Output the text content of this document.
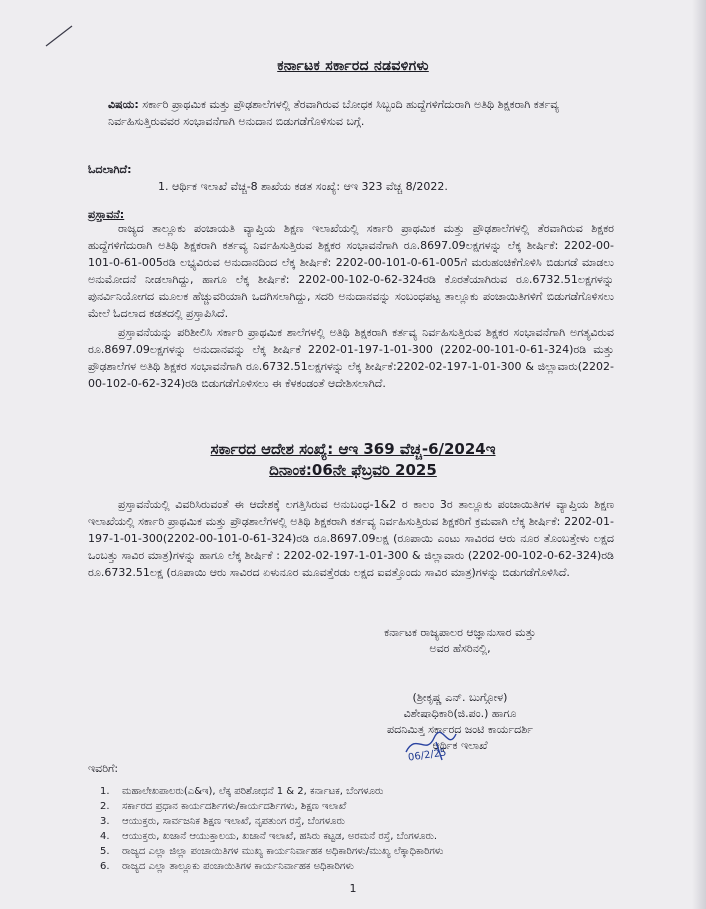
ಕರ್ನಾಟಕ ಸರ್ಕಾರದ ನಡವಳಿಗಳು
ವಿಷಯ: ಸರ್ಕಾರಿ ಪ್ರಾಥಮಿಕ ಮತ್ತು ಪ್ರೌಢಶಾಲೆಗಳಲ್ಲಿ ತೆರವಾಗಿರುವ ಬೋಧಕ ಸಿಬ್ಬಂದಿ ಹುದ್ದೆಗಳಿಗೆದುರಾಗಿ ಅತಿಥಿ ಶಿಕ್ಷಕರಾಗಿ ಕರ್ತವ್ಯ ನಿರ್ವಹಿಸುತ್ತಿರುವವರ ಸಂಭಾವನೆಗಾಗಿ ಅನುದಾನ ಬಿಡುಗಡೆಗೊಳಿಸುವ ಬಗ್ಗೆ.
ಓದಲಾಗಿದೆ:
1. ಆರ್ಥಿಕ ಇಲಾಖೆ ವೆಚ್ಚ-8 ಶಾಖೆಯ ಕಡತ ಸಂಖ್ಯೆ: ಆಇ 323 ವೆಚ್ಚ 8/2022.
ಪ್ರಸ್ತಾವನೆ:

ರಾಜ್ಯದ ತಾಲ್ಲೂಕು ಪಂಚಾಯತಿ ವ್ಯಾಪ್ತಿಯ ಶಿಕ್ಷಣ ಇಲಾಖೆಯಲ್ಲಿ ಸರ್ಕಾರಿ ಪ್ರಾಥಮಿಕ ಮತ್ತು ಪ್ರೌಢಶಾಲೆಗಳಲ್ಲಿ ತೆರವಾಗಿರುವ ಶಿಕ್ಷಕರ ಹುದ್ದೆಗಳಿಗೆದುರಾಗಿ ಅತಿಥಿ ಶಿಕ್ಷಕರಾಗಿ ಕರ್ತವ್ಯ ನಿರ್ವಹಿಸುತ್ತಿರುವ ಶಿಕ್ಷಕರ ಸಂಭಾವನೆಗಾಗಿ ರೂ.8697.09ಲಕ್ಷಗಳನ್ನು ಲೆಕ್ಕ ಶೀರ್ಷಿಕೆ: 2202-00-101-0-61-005ರಡಿ ಲಭ್ಯವಿರುವ ಅನುದಾನದಿಂದ ಲೆಕ್ಕ ಶೀರ್ಷಿಕೆ: 2202-00-101-0-61-005ಗೆ ಮರುಹಂಚಿಕೆಗೊಳಿಸಿ ಬಿಡುಗಡೆ ಮಾಡಲು ಅನುಮೋದನೆ ನೀಡಲಾಗಿದ್ದು, ಹಾಗೂ ಲೆಕ್ಕ ಶೀರ್ಷಿಕೆ: 2202-00-102-0-62-324ರಡಿ ಕೊರತೆಯಾಗಿರುವ ರೂ.6732.51ಲಕ್ಷಗಳನ್ನು ಪುನರ್ವಿನಿಯೋಗದ ಮೂಲಕ ಹೆಚ್ಚುವರಿಯಾಗಿ ಒದಗಿಸಲಾಗಿದ್ದು, ಸದರಿ ಅನುದಾನವನ್ನು ಸಂಬಂಧಪಟ್ಟ ತಾಲ್ಲೂಕು ಪಂಚಾಯಿತಿಗಳಿಗೆ ಬಿಡುಗಡೆಗೊಳಿಸಲು ಮೇಲೆ ಓದಲಾದ ಕಡತದಲ್ಲಿ ಪ್ರಸ್ತಾಪಿಸಿದೆ.

ಪ್ರಸ್ತಾವನೆಯನ್ನು ಪರಿಶೀಲಿಸಿ ಸರ್ಕಾರಿ ಪ್ರಾಥಮಿಕ ಶಾಲೆಗಳಲ್ಲಿ ಅತಿಥಿ ಶಿಕ್ಷಕರಾಗಿ ಕರ್ತವ್ಯ ನಿರ್ವಹಿಸುತ್ತಿರುವ ಶಿಕ್ಷಕರ ಸಂಭಾವನೆಗಾಗಿ ಅಗತ್ಯವಿರುವ ರೂ.8697.09ಲಕ್ಷಗಳನ್ನು ಅನುದಾನವನ್ನು ಲೆಕ್ಕ ಶೀರ್ಷಿಕೆ 2202-01-197-1-01-300 (2202-00-101-0-61-324)ರಡಿ ಮತ್ತು ಪ್ರೌಢಶಾಲೆಗಳ ಅತಿಥಿ ಶಿಕ್ಷಕರ ಸಂಭಾವನೆಗಾಗಿ ರೂ.6732.51ಲಕ್ಷಗಳನ್ನು ಲೆಕ್ಕ ಶೀರ್ಷಿಕೆ:2202-02-197-1-01-300 & ಜಿಲ್ಲಾವಾರು(2202-00-102-0-62-324)ರಡಿ ಬಿಡುಗಡೆಗೊಳಿಸಲು ಈ ಕೆಳಕಂಡಂತೆ ಆದೇಶಿಸಲಾಗಿದೆ.

ಸರ್ಕಾರದ ಆದೇಶ ಸಂಖ್ಯೆ: ಆಇ 369 ವೆಚ್ಚ-6/2024ಇ
ದಿನಾಂಕ:06ನೇ ಫೆಬ್ರವರಿ 2025

ಪ್ರಸ್ತಾವನೆಯಲ್ಲಿ ವಿವರಿಸಿರುವಂತೆ ಈ ಆದೇಶಕ್ಕೆ ಲಗತ್ತಿಸಿರುವ ಅನುಬಂಧ-1&2 ರ ಕಾಲಂ 3ರ ತಾಲ್ಲೂಕು ಪಂಚಾಯಿತಿಗಳ ವ್ಯಾಪ್ತಿಯ ಶಿಕ್ಷಣ ಇಲಾಖೆಯಲ್ಲಿ ಸರ್ಕಾರಿ ಪ್ರಾಥಮಿಕ ಮತ್ತು ಪ್ರೌಢಶಾಲೆಗಳಲ್ಲಿ ಅತಿಥಿ ಶಿಕ್ಷಕರಾಗಿ ಕರ್ತವ್ಯ ನಿರ್ವಹಿಸುತ್ತಿರುವ ಶಿಕ್ಷಕರಿಗೆ ಕ್ರಮವಾಗಿ ಲೆಕ್ಕ ಶೀರ್ಷಿಕೆ: 2202-01-197-1-01-300(2202-00-101-0-61-324)ರಡಿ ರೂ.8697.09ಲಕ್ಷ (ರೂಪಾಯಿ ಎಂಟು ಸಾವಿರದ ಆರು ನೂರ ತೊಂಬತ್ತೇಳು ಲಕ್ಷದ ಒಂಬತ್ತು ಸಾವಿರ ಮಾತ್ರ)ಗಳನ್ನು ಹಾಗೂ ಲೆಕ್ಕ ಶೀರ್ಷಿಕೆ : 2202-02-197-1-01-300 & ಜಿಲ್ಲಾವಾರು (2202-00-102-0-62-324)ರಡಿ ರೂ.6732.51ಲಕ್ಷ (ರೂಪಾಯಿ ಆರು ಸಾವಿರದ ಏಳುನೂರ ಮೂವತ್ತೆರಡು ಲಕ್ಷದ ಐವತ್ತೊಂದು ಸಾವಿರ ಮಾತ್ರ)ಗಳನ್ನು ಬಿಡುಗಡೆಗೊಳಿಸಿದೆ.

ಕರ್ನಾಟಕ ರಾಜ್ಯಪಾಲರ ಆಜ್ಞಾನುಸಾರ ಮತ್ತು
ಅವರ ಹೆಸರಿನಲ್ಲಿ,
(ಶ್ರೀಕೃಷ್ಣ ಎನ್. ಬುಗ್ಗೋಳ)
ವಿಶೇಷಾಧಿಕಾರಿ(ಜಿ.ಪಂ.) ಹಾಗೂ
ಪದನಿಮಿತ್ತ ಸರ್ಕಾರದ ಜಂಟಿ ಕಾರ್ಯದರ್ಶಿ
ಆರ್ಥಿಕ ಇಲಾಖೆ
06/2/25
ಇವರಿಗೆ:
1.	ಮಹಾಲೇಖಪಾಲರು(ಎ&ಇ), ಲೆಕ್ಕ ಪರಿಶೋಧನೆ 1 & 2, ಕರ್ನಾಟಕ, ಬೆಂಗಳೂರು
2.	ಸರ್ಕಾರದ ಪ್ರಧಾನ ಕಾರ್ಯದರ್ಶಿಗಳು/ಕಾರ್ಯದರ್ಶಿಗಳು, ಶಿಕ್ಷಣ ಇಲಾಖೆ
3.	ಆಯುಕ್ತರು, ಸಾರ್ವಜನಿಕ ಶಿಕ್ಷಣ ಇಲಾಖೆ, ನೃಪತುಂಗ ರಸ್ತೆ, ಬೆಂಗಳೂರು
4.	ಆಯುಕ್ತರು, ಖಜಾನೆ ಆಯುಕ್ತಾಲಯ, ಖಜಾನೆ ಇಲಾಖೆ, ಹಸಿರು ಕಟ್ಟಡ, ಅರಮನೆ ರಸ್ತೆ, ಬೆಂಗಳೂರು.
5.	ರಾಜ್ಯದ ಎಲ್ಲಾ ಜಿಲ್ಲಾ ಪಂಚಾಯಿತಿಗಳ ಮುಖ್ಯ ಕಾರ್ಯನಿರ್ವಾಹಕ ಅಧಿಕಾರಿಗಳು/ಮುಖ್ಯ ಲೆಕ್ಕಾಧಿಕಾರಿಗಳು
6.	ರಾಜ್ಯದ ಎಲ್ಲಾ ತಾಲ್ಲೂಕು ಪಂಚಾಯಿತಿಗಳ ಕಾರ್ಯನಿರ್ವಾಹಕ ಅಧಿಕಾರಿಗಳು
1
